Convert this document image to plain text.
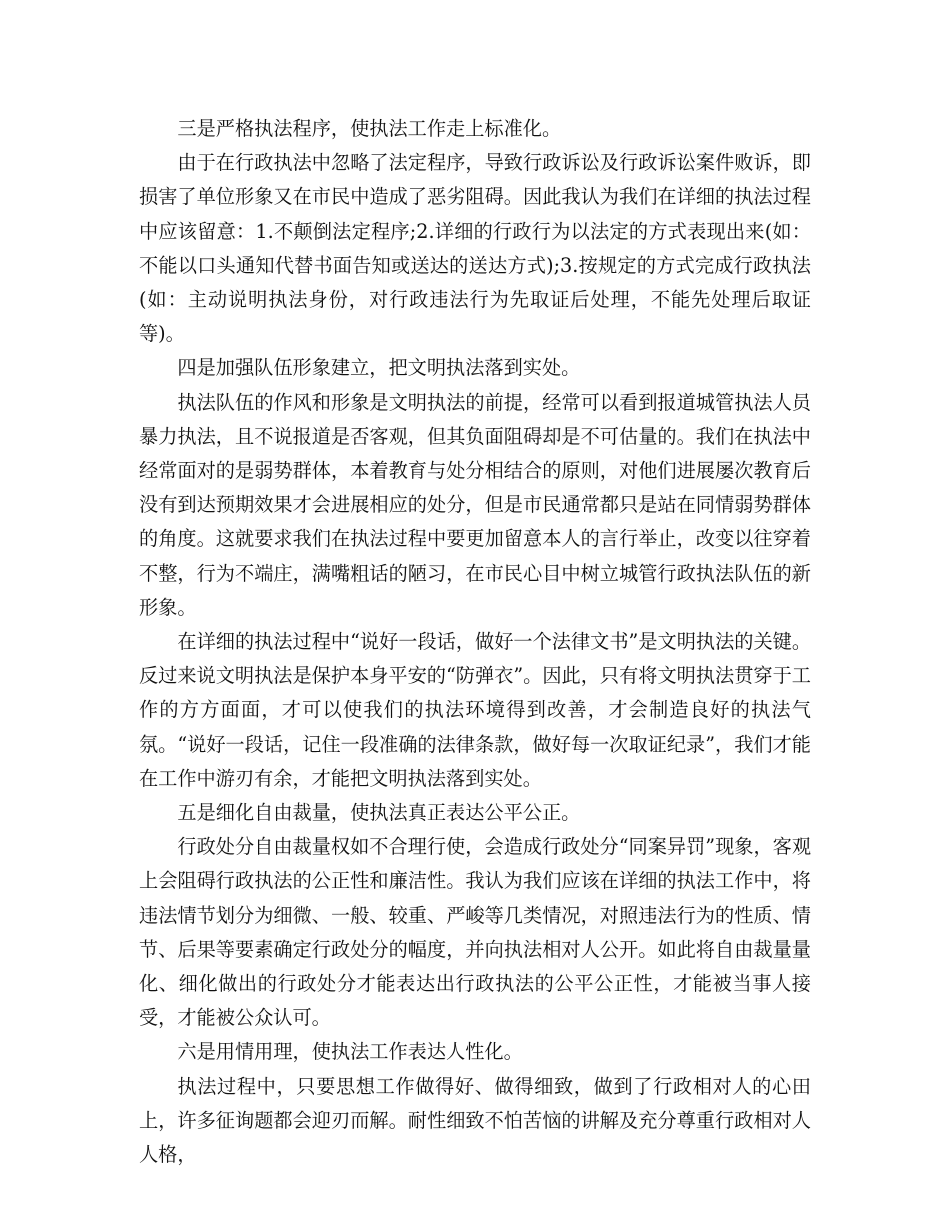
三是严格执法程序，使执法工作走上标准化。

由于在行政执法中忽略了法定程序，导致行政诉讼及行政诉讼案件败诉，即损害了单位形象又在市民中造成了恶劣阻碍。因此我认为我们在详细的执法过程中应该留意：1.不颠倒法定程序;2.详细的行政行为以法定的方式表现出来(如：不能以口头通知代替书面告知或送达的送达方式);3.按规定的方式完成行政执法(如：主动说明执法身份，对行政违法行为先取证后处理，不能先处理后取证等)。

四是加强队伍形象建立，把文明执法落到实处。

执法队伍的作风和形象是文明执法的前提，经常可以看到报道城管执法人员暴力执法，且不说报道是否客观，但其负面阻碍却是不可估量的。我们在执法中经常面对的是弱势群体，本着教育与处分相结合的原则，对他们进展屡次教育后没有到达预期效果才会进展相应的处分，但是市民通常都只是站在同情弱势群体的角度。这就要求我们在执法过程中要更加留意本人的言行举止，改变以往穿着不整，行为不端庄，满嘴粗话的陋习，在市民心目中树立城管行政执法队伍的新形象。

在详细的执法过程中“说好一段话，做好一个法律文书”是文明执法的关键。反过来说文明执法是保护本身平安的“防弹衣”。因此，只有将文明执法贯穿于工作的方方面面，才可以使我们的执法环境得到改善，才会制造良好的执法气氛。“说好一段话，记住一段准确的法律条款，做好每一次取证纪录”，我们才能在工作中游刃有余，才能把文明执法落到实处。

五是细化自由裁量，使执法真正表达公平公正。

行政处分自由裁量权如不合理行使，会造成行政处分“同案异罚”现象，客观上会阻碍行政执法的公正性和廉洁性。我认为我们应该在详细的执法工作中，将违法情节划分为细微、一般、较重、严峻等几类情况，对照违法行为的性质、情节、后果等要素确定行政处分的幅度，并向执法相对人公开。如此将自由裁量量化、细化做出的行政处分才能表达出行政执法的公平公正性，才能被当事人接受，才能被公众认可。

六是用情用理，使执法工作表达人性化。

执法过程中，只要思想工作做得好、做得细致，做到了行政相对人的心田上，许多征询题都会迎刃而解。耐性细致不怕苦恼的讲解及充分尊重行政相对人人格，
